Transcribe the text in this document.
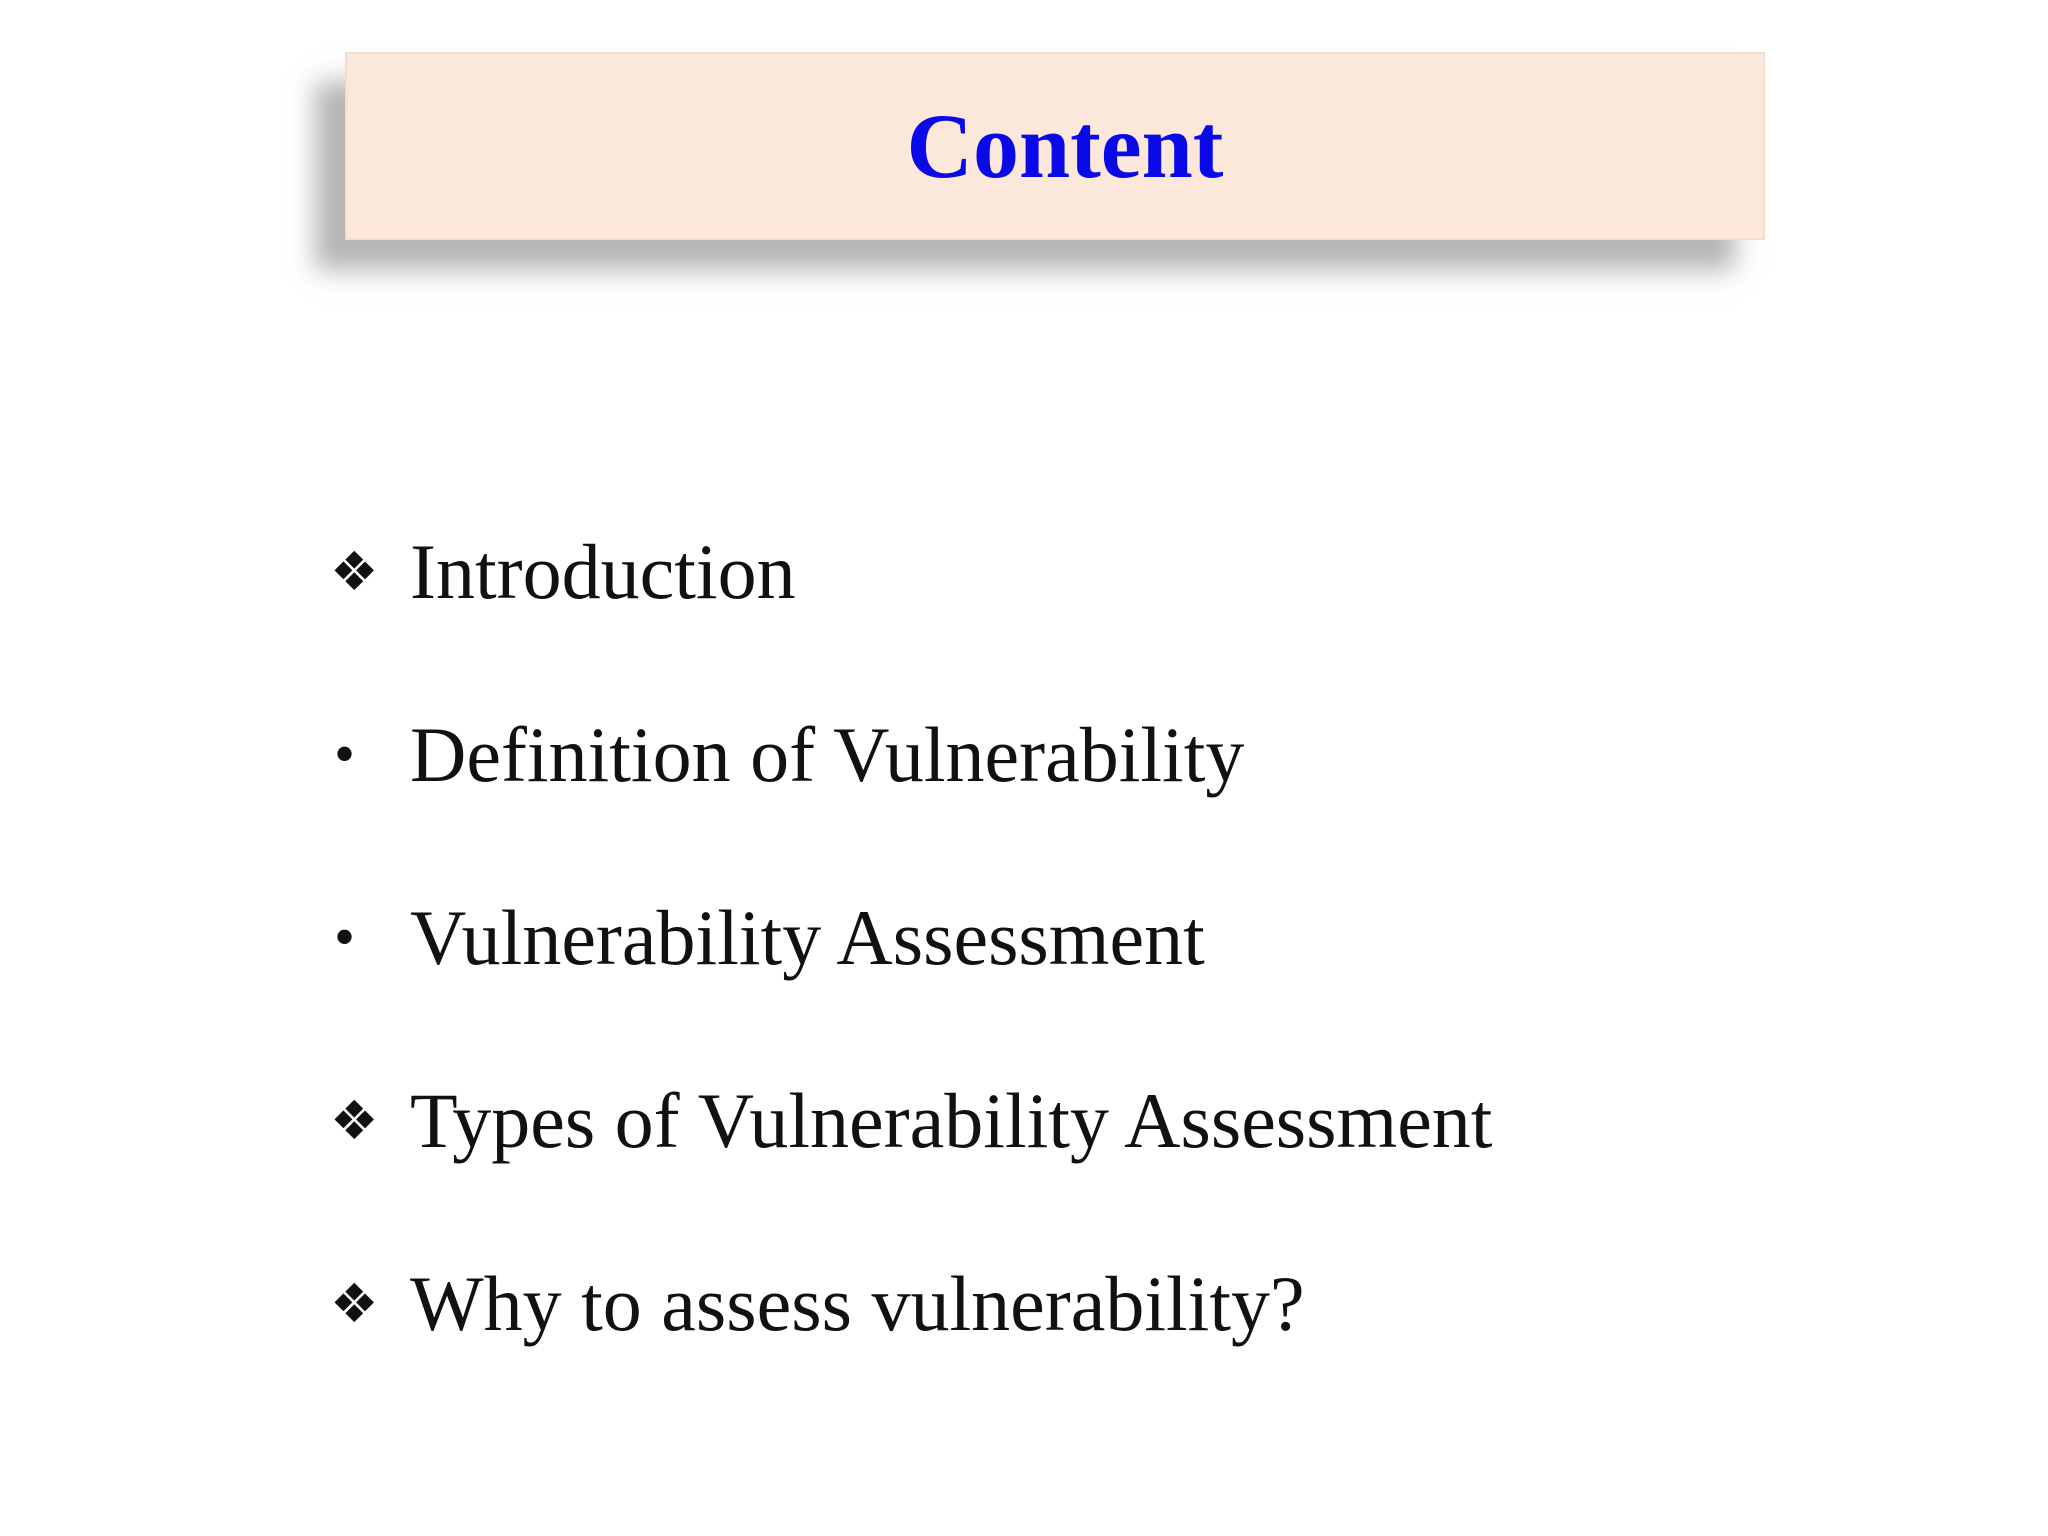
Content
❖ Introduction
• Definition of Vulnerability
• Vulnerability Assessment
❖ Types of Vulnerability Assessment
❖ Why to assess vulnerability?
